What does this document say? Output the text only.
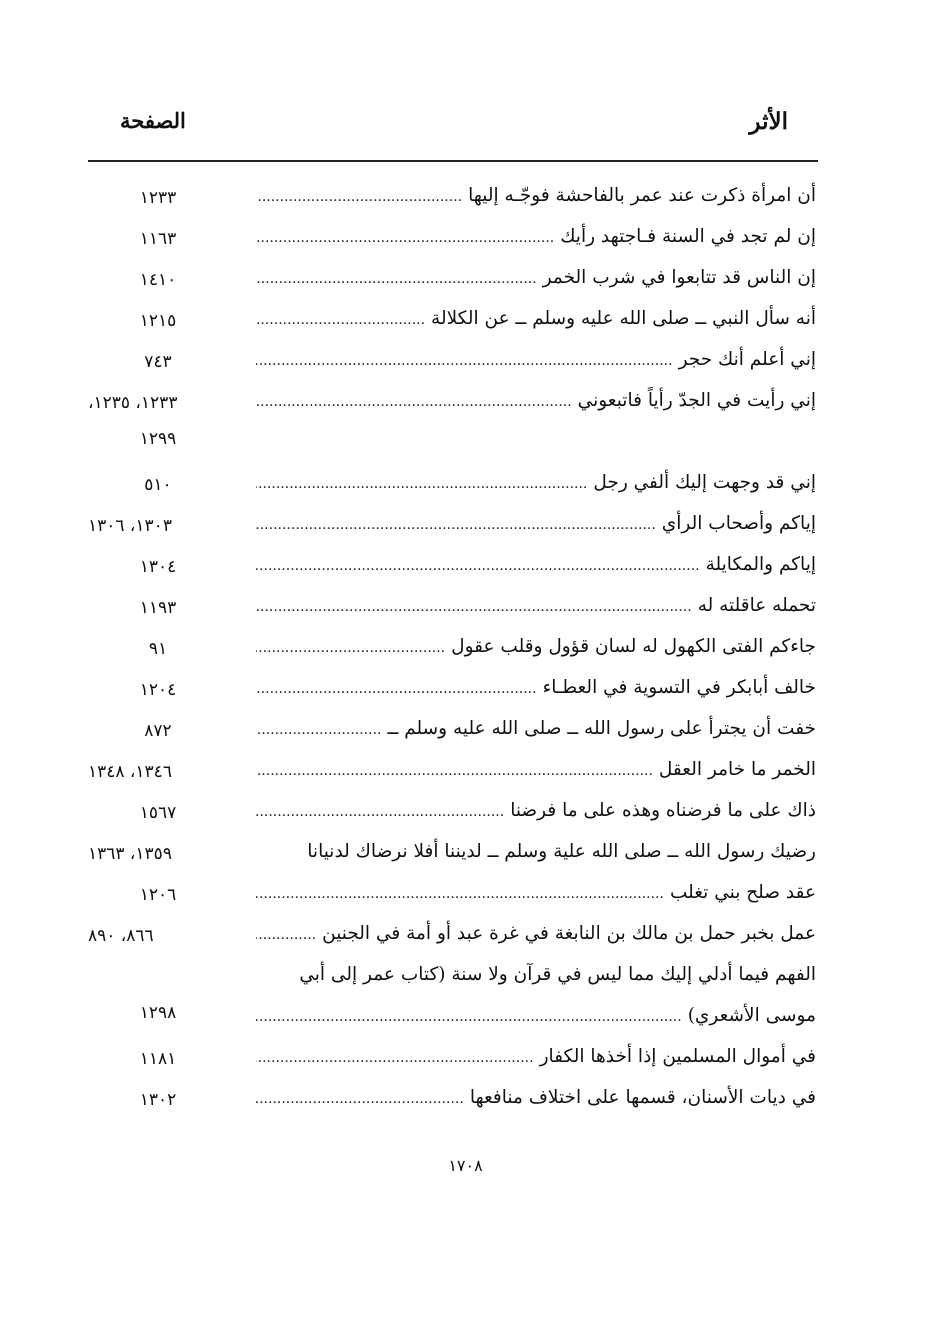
الأثر
الصفحة
أن امرأة ذكرت عند عمر بالفاحشة فوجّـه إليها .....
١٢٣٣
إن لم تجد في السنة فـاجتهد رأيك .....
١١٦٣
إن الناس قد تتابعوا في شرب الخمر .....
١٤١٠
أنه سأل النبي ــ صلى الله عليه وسلم ــ عن الكلالة .....
١٢١٥
إني أعلم أنك حجر .....
٧٤٣
إني رأيت في الجدّ رأياً فاتبعوني .....
١٢٣٣، ١٢٣٥،
١٢٩٩
إني قد وجهت إليك ألفي رجل .....
٥١٠
إياكم وأصحاب الرأي .....
١٣٠٣، ١٣٠٦
إياكم والمكايلة .....
١٣٠٤
تحمله عاقلته له .....
١١٩٣
جاءكم الفتى الكهول له لسان قؤول وقلب عقول .....
٩١
خالف أبابكر في التسوية في العطـاء .....
١٢٠٤
خفت أن يجترأ على رسول الله ــ صلى الله عليه وسلم ــ .....
٨٧٢
الخمر ما خامر العقل .....
١٣٤٦، ١٣٤٨
ذاك على ما فرضناه وهذه على ما فرضنا .....
١٥٦٧
رضيك رسول الله ــ صلى الله علية وسلم ــ لديننا أفلا نرضاك لدنيانا
١٣٥٩، ١٣٦٣
عقد صلح بني تغلب .....
١٢٠٦
عمل بخبر حمل بن مالك بن النابغة في غرة عبد أو أمة في الجنين .....
٨٦٦، ٨٩٠
الفهم فيما أدلي إليك مما ليس في قرآن ولا سنة (كتاب عمر إلى أبي
موسى الأشعري) .....
١٢٩٨
في أموال المسلمين إذا أخذها الكفار .....
١١٨١
في ديات الأسنان، قسمها على اختلاف منافعها .....
١٣٠٢
١٧٠٨
